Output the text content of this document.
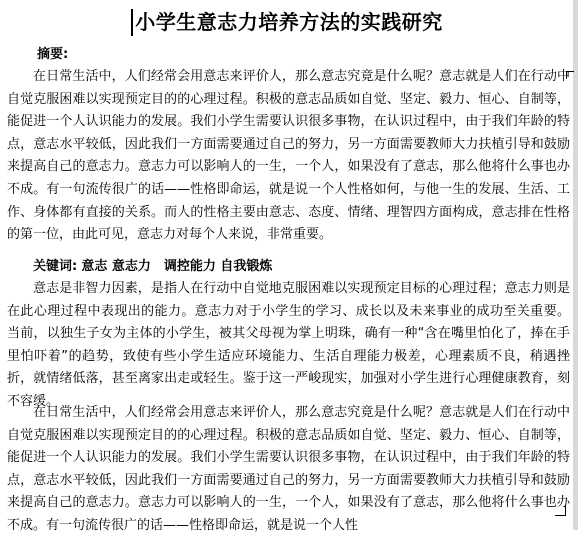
小学生意志力培养方法的实践研究
摘要:
在日常生活中，人们经常会用意志来评价人，那么意志究竟是什么呢？意志就是人们在行动中自觉克服困难以实现预定目的的心理过程。积极的意志品质如自觉、坚定、毅力、恒心、自制等，能促进一个人认识能力的发展。我们小学生需要认识很多事物，在认识过程中，由于我们年龄的特点，意志水平较低，因此我们一方面需要通过自己的努力，另一方面需要教师大力扶植引导和鼓励来提高自己的意志力。意志力可以影响人的一生，一个人，如果没有了意志，那么他将什么事也办不成。有一句流传很广的话——性格即命运，就是说一个人性格如何，与他一生的发展、生活、工作、身体都有直接的关系。而人的性格主要由意志、态度、情绪、理智四方面构成，意志排在性格的第一位，由此可见，意志力对每个人来说，非常重要。
关键词: 意志 意志力　调控能力 自我锻炼
意志是非智力因素，是指人在行动中自觉地克服困难以实现预定目标的心理过程；意志力则是在此心理过程中表现出的能力。意志力对于小学生的学习、成长以及未来事业的成功至关重要。 当前，以独生子女为主体的小学生，被其父母视为掌上明珠，确有一种“含在嘴里怕化了，捧在手里怕吓着”的趋势，致使有些小学生适应环境能力、生活自理能力极差，心理素质不良，稍遇挫折，就情绪低落，甚至离家出走或轻生。鉴于这一严峻现实，加强对小学生进行心理健康教育，刻不容缓。
在日常生活中，人们经常会用意志来评价人，那么意志究竟是什么呢？意志就是人们在行动中自觉克服困难以实现预定目的的心理过程。积极的意志品质如自觉、坚定、毅力、恒心、自制等，能促进一个人认识能力的发展。我们小学生需要认识很多事物，在认识过程中，由于我们年龄的特点，意志水平较低，因此我们一方面需要通过自己的努力，另一方面需要教师大力扶植引导和鼓励来提高自己的意志力。意志力可以影响人的一生，一个人，如果没有了意志，那么他将什么事也办不成。有一句流传很广的话——性格即命运，就是说一个人性
